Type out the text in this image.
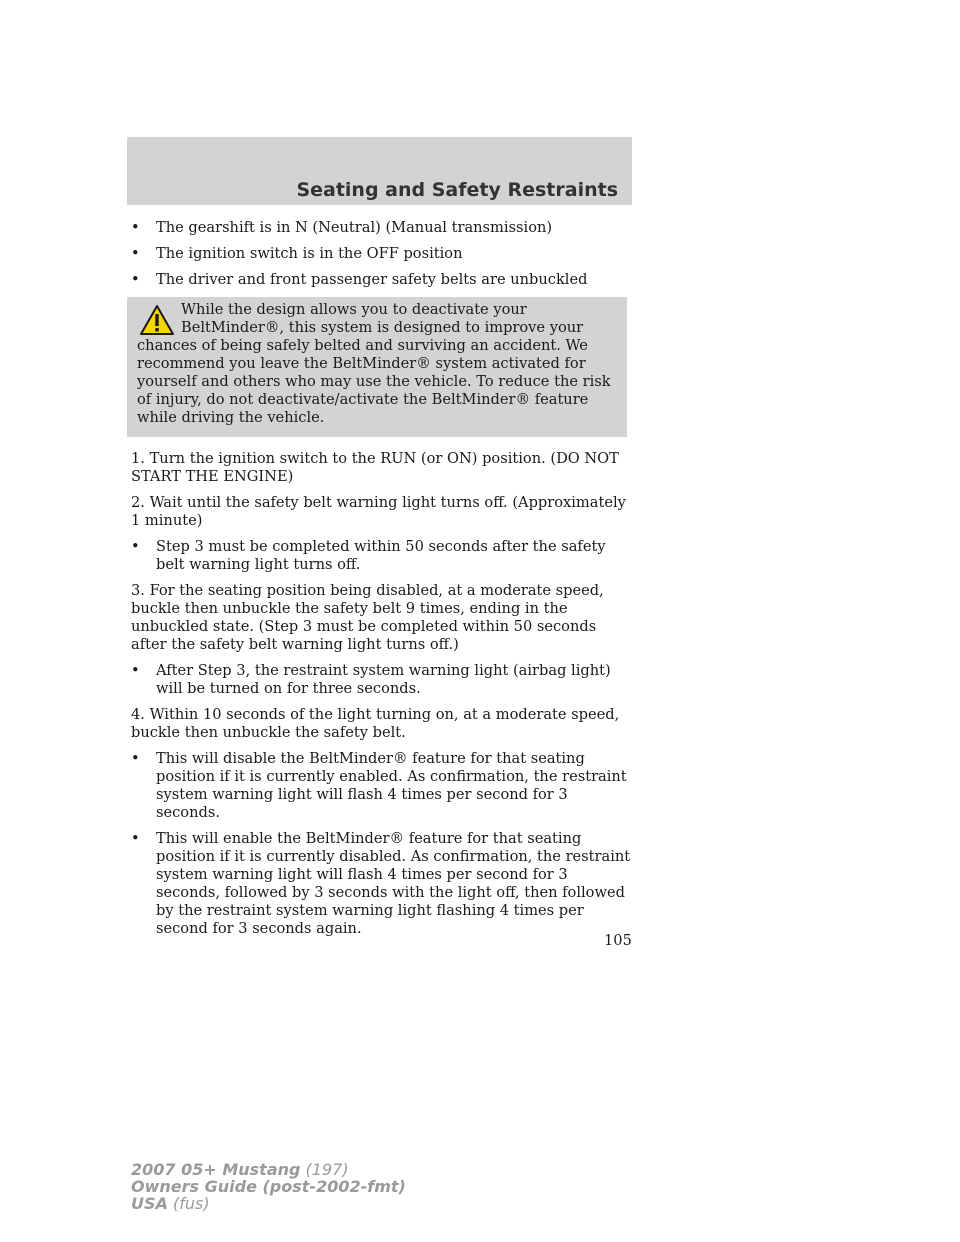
Seating and Safety Restraints
•	The gearshift is in N (Neutral) (Manual transmission)
•	The ignition switch is in the OFF position
•	The driver and front passenger safety belts are unbuckled
While the design allows you to deactivate your BeltMinder®, this system is designed to improve your chances of being safely belted and surviving an accident. We recommend you leave the BeltMinder® system activated for yourself and others who may use the vehicle. To reduce the risk of injury, do not deactivate/activate the BeltMinder® feature while driving the vehicle.

1. Turn the ignition switch to the RUN (or ON) position. (DO NOT START THE ENGINE)

2. Wait until the safety belt warning light turns off. (Approximately 1 minute)

•	Step 3 must be completed within 50 seconds after the safety belt warning light turns off.

3. For the seating position being disabled, at a moderate speed, buckle then unbuckle the safety belt 9 times, ending in the unbuckled state. (Step 3 must be completed within 50 seconds after the safety belt warning light turns off.)

•	After Step 3, the restraint system warning light (airbag light) will be turned on for three seconds.

4. Within 10 seconds of the light turning on, at a moderate speed, buckle then unbuckle the safety belt.

•	This will disable the BeltMinder® feature for that seating position if it is currently enabled. As confirmation, the restraint system warning light will flash 4 times per second for 3 seconds.
•	This will enable the BeltMinder® feature for that seating position if it is currently disabled. As confirmation, the restraint system warning light will flash 4 times per second for 3 seconds, followed by 3 seconds with the light off, then followed by the restraint system warning light flashing 4 times per second for 3 seconds again.
105
2007 05+ Mustang (197)
Owners Guide (post-2002-fmt)
USA (fus)
